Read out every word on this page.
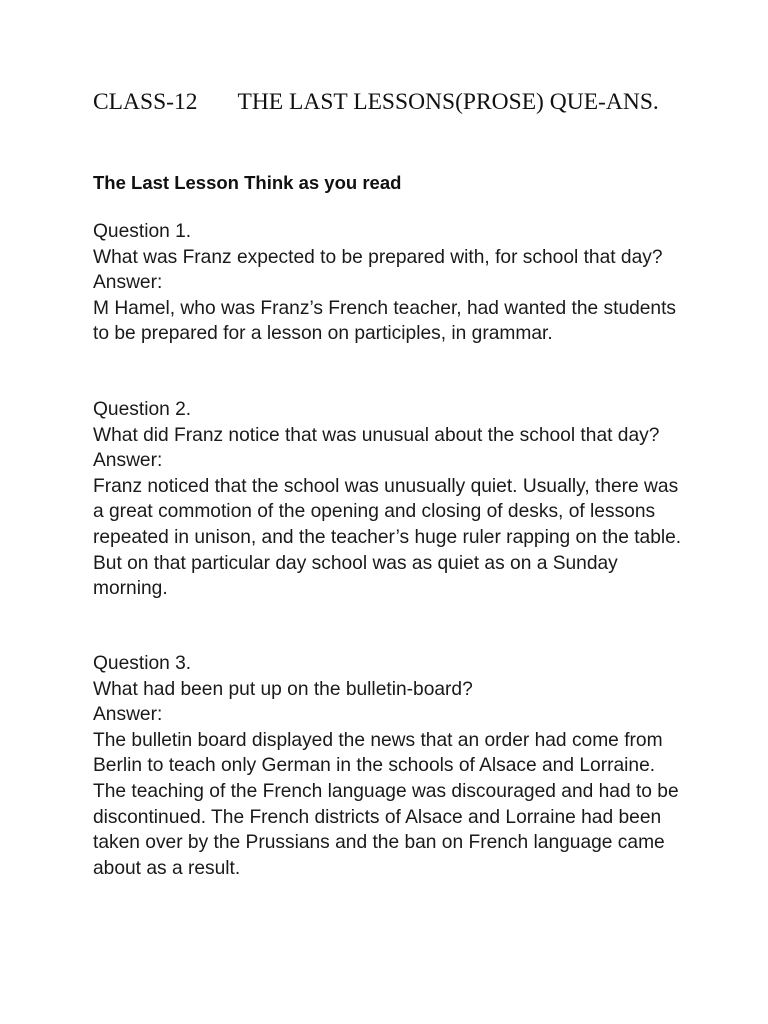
CLASS-12 THE LAST LESSONS(PROSE) QUE-ANS.
The Last Lesson Think as you read

Question 1.

What was Franz expected to be prepared with, for school that day?

Answer:

M Hamel, who was Franz’s French teacher, had wanted the students to be prepared for a lesson on participles, in grammar.

Question 2.

What did Franz notice that was unusual about the school that day?

Answer:

Franz noticed that the school was unusually quiet. Usually, there was a great commotion of the opening and closing of desks, of lessons repeated in unison, and the teacher’s huge ruler rapping on the table. But on that particular day school was as quiet as on a Sunday morning.

Question 3.

What had been put up on the bulletin-board?

Answer:

The bulletin board displayed the news that an order had come from Berlin to teach only German in the schools of Alsace and Lorraine. The teaching of the French language was discouraged and had to be discontinued. The French districts of Alsace and Lorraine had been taken over by the Prussians and the ban on French language came about as a result.
